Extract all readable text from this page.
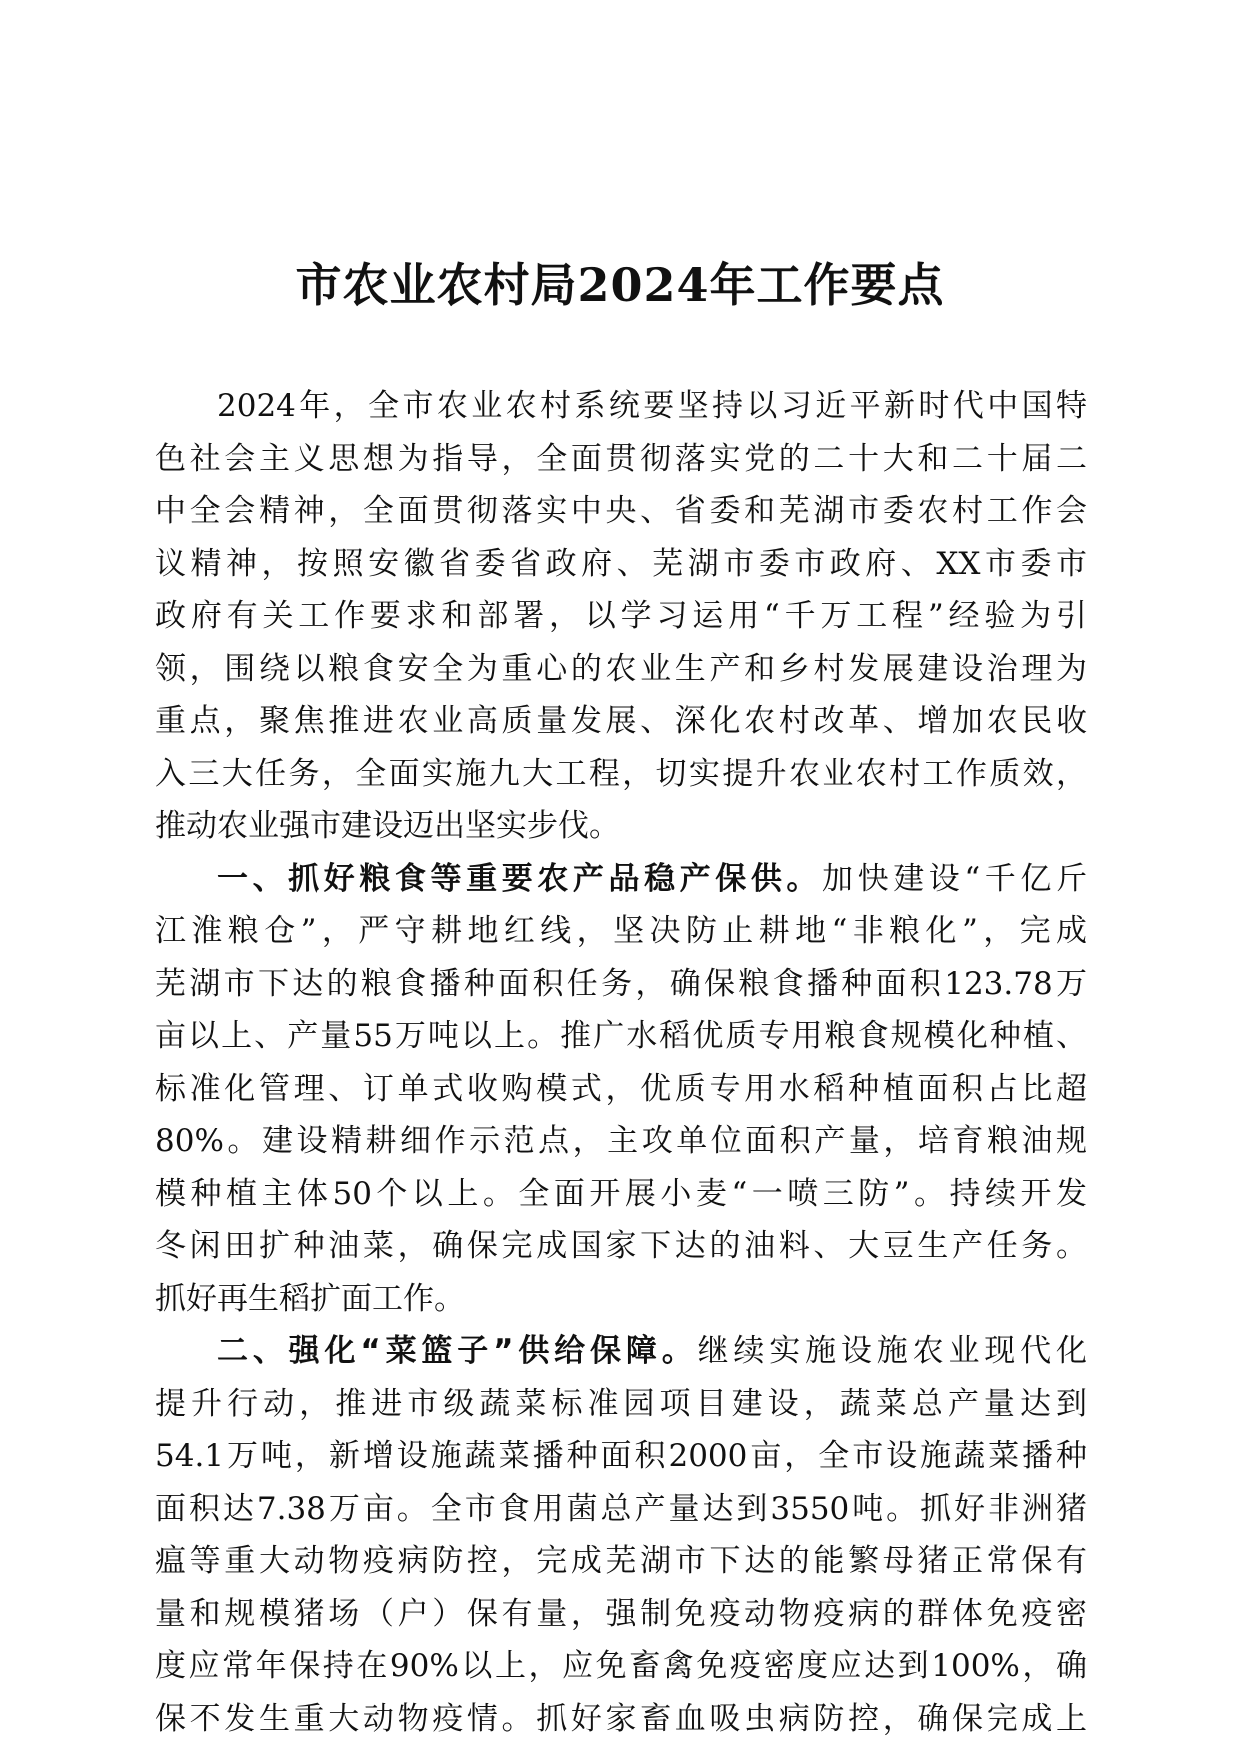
市农业农村局2024年工作要点
2024年，全市农业农村系统要坚持以习近平新时代中国特
色社会主义思想为指导，全面贯彻落实党的二十大和二十届二
中全会精神，全面贯彻落实中央、省委和芜湖市委农村工作会
议精神，按照安徽省委省政府、芜湖市委市政府、XX市委市
政府有关工作要求和部署，以学习运用“千万工程”经验为引
领，围绕以粮食安全为重心的农业生产和乡村发展建设治理为
重点，聚焦推进农业高质量发展、深化农村改革、增加农民收
入三大任务，全面实施九大工程，切实提升农业农村工作质效，
推动农业强市建设迈出坚实步伐。
一、抓好粮食等重要农产品稳产保供。加快建设“千亿斤
江淮粮仓”，严守耕地红线，坚决防止耕地“非粮化”，完成
芜湖市下达的粮食播种面积任务，确保粮食播种面积123.78万
亩以上、产量55万吨以上。推广水稻优质专用粮食规模化种植、
标准化管理、订单式收购模式，优质专用水稻种植面积占比超
80%。建设精耕细作示范点，主攻单位面积产量，培育粮油规
模种植主体50个以上。全面开展小麦“一喷三防”。持续开发
冬闲田扩种油菜，确保完成国家下达的油料、大豆生产任务。
抓好再生稻扩面工作。
二、强化“菜篮子”供给保障。继续实施设施农业现代化
提升行动，推进市级蔬菜标准园项目建设，蔬菜总产量达到
54.1万吨，新增设施蔬菜播种面积2000亩，全市设施蔬菜播种
面积达7.38万亩。全市食用菌总产量达到3550吨。抓好非洲猪
瘟等重大动物疫病防控，完成芜湖市下达的能繁母猪正常保有
量和规模猪场（户）保有量，强制免疫动物疫病的群体免疫密
度应常年保持在90%以上，应免畜禽免疫密度应达到100%，确
保不发生重大动物疫情。抓好家畜血吸虫病防控，确保完成上
